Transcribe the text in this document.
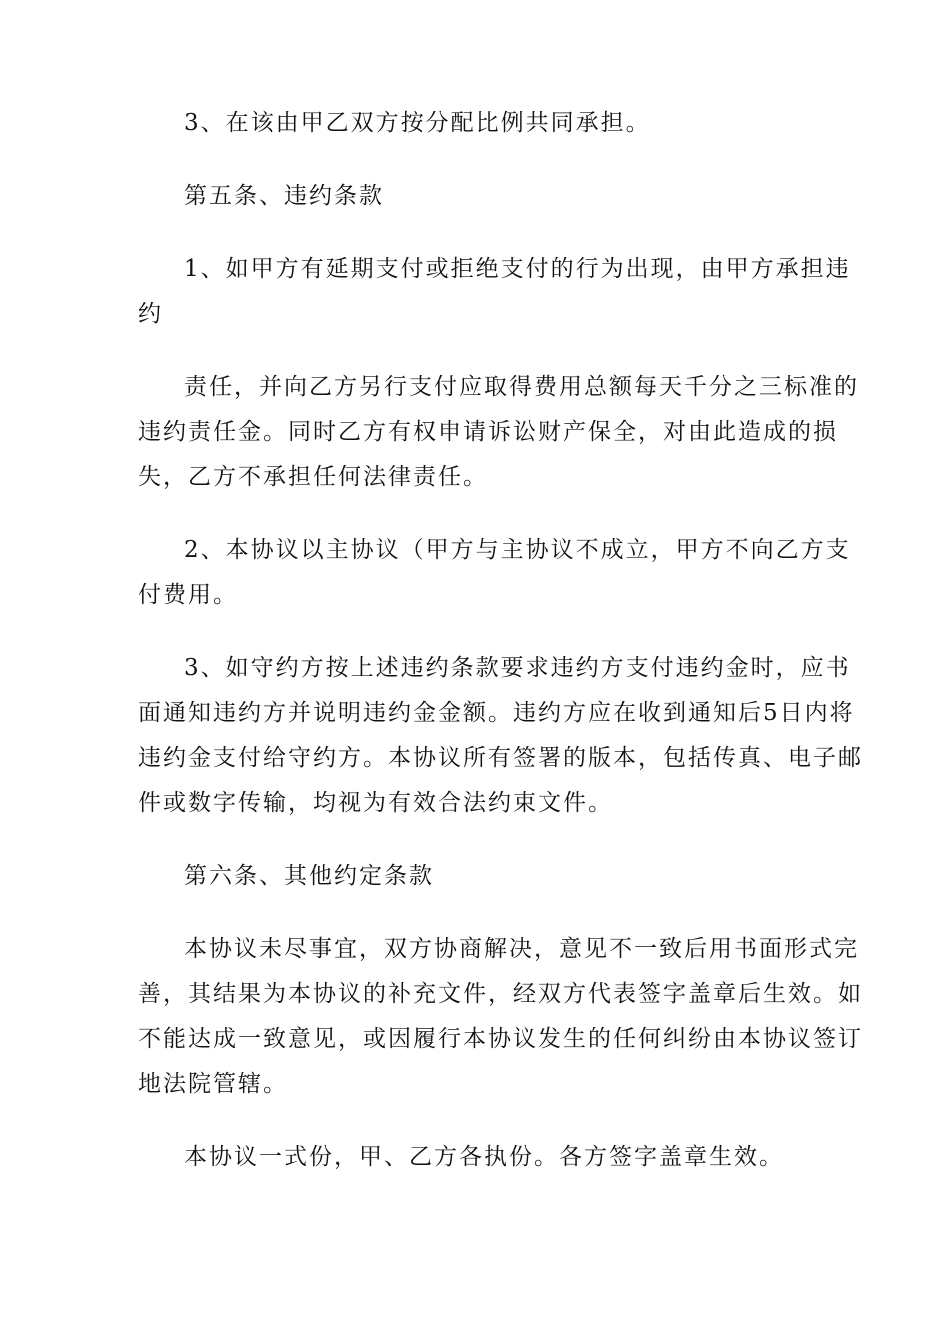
3、在该由甲乙双方按分配比例共同承担。

第五条、违约条款

1、如甲方有延期支付或拒绝支付的行为出现，由甲方承担违
约

责任，并向乙方另行支付应取得费用总额每天千分之三标准的
违约责任金。同时乙方有权申请诉讼财产保全，对由此造成的损
失，乙方不承担任何法律责任。

2、本协议以主协议（甲方与主协议不成立，甲方不向乙方支
付费用。

3、如守约方按上述违约条款要求违约方支付违约金时，应书
面通知违约方并说明违约金金额。违约方应在收到通知后5日内将
违约金支付给守约方。本协议所有签署的版本，包括传真、电子邮
件或数字传输，均视为有效合法约束文件。

第六条、其他约定条款

本协议未尽事宜，双方协商解决，意见不一致后用书面形式完
善，其结果为本协议的补充文件，经双方代表签字盖章后生效。如
不能达成一致意见，或因履行本协议发生的任何纠纷由本协议签订
地法院管辖。

本协议一式份，甲、乙方各执份。各方签字盖章生效。
